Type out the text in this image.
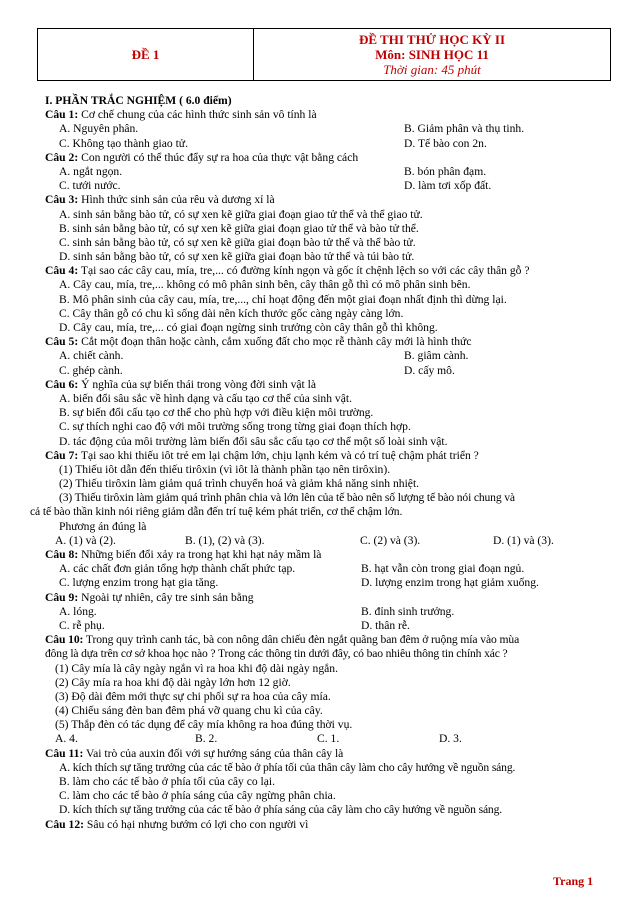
ĐỀ 1
ĐỀ THI THỬ HỌC KỲ II
Môn: SINH HỌC 11
Thời gian: 45 phút
I. PHẦN TRẮC NGHIỆM ( 6.0 điểm)
Câu 1: Cơ chế chung của các hình thức sinh sản vô tính là
A. Nguyên phân.	B. Giảm phân và thụ tinh.
C. Không tạo thành giao tử.	D. Tế bào con 2n.
Câu 2: Con người có thể thúc đẩy sự ra hoa của thực vật bằng cách
A. ngắt ngọn.	B. bón phân đạm.
C. tưới nước.	D. làm tơi xốp đất.
Câu 3: Hình thức sinh sản của rêu và dương xỉ là
A. sinh sản bằng bào tử, có sự xen kẽ giữa giai đoạn giao tử thể và thể giao tử.
B. sinh sản bằng bào tử, có sự xen kẽ giữa giai đoạn giao tử thể và bào tử thể.
C. sinh sản bằng bào tử, có sự xen kẽ giữa giai đoạn bào tử thể và thể bào tử.
D. sinh sản bằng bào tử, có sự xen kẽ giữa giai đoạn bào tử thể và túi bào tử.
Câu 4: Tại sao các cây cau, mía, tre,... có đường kính ngọn và gốc ít chệnh lệch so với các cây thân gỗ ?
A. Cây cau, mía, tre,... không có mô phân sinh bên, cây thân gỗ thì có mô phân sinh bên.
B. Mô phân sinh của cây cau, mía, tre,..., chỉ hoạt động đến một giai đoạn nhất định thì dừng lại.
C. Cây thân gỗ có chu kì sống dài nên kích thước gốc càng ngày càng lớn.
D. Cây cau, mía, tre,... có giai đoạn ngừng sinh trưởng còn cây thân gỗ thì không.
Câu 5: Cắt một đoạn thân hoặc cành, cắm xuống đất cho mọc rễ thành cây mới là hình thức
A. chiết cành.	B. giâm cành.
C. ghép cành.	D. cấy mô.
Câu 6: Ý nghĩa của sự biến thái trong vòng đời sinh vật là
A. biến đổi sâu sắc về hình dạng và cấu tạo cơ thể của sinh vật.
B. sự biến đổi cấu tạo cơ thể cho phù hợp với điều kiện môi trường.
C. sự thích nghi cao độ với môi trường sống trong từng giai đoạn thích hợp.
D. tác động của môi trường làm biến đổi sâu sắc cấu tạo cơ thể một số loài sinh vật.
Câu 7: Tại sao khi thiếu iôt trẻ em lại chậm lớn, chịu lạnh kém và có trí tuệ chậm phát triển ?
(1) Thiếu iôt dẫn đến thiếu tirôxin (vì iôt là thành phần tạo nên tirôxin).
(2) Thiếu tirôxin làm giảm quá trình chuyển hoá và giảm khả năng sinh nhiệt.
(3) Thiếu tirôxin làm giảm quá trình phân chia và lớn lên của tế bào nên số lượng tế bào nói chung và
cả tế bào thần kinh nói riêng giảm dẫn đến trí tuệ kém phát triển, cơ thể chậm lớn.
Phương án đúng là
A. (1) và (2).	B. (1), (2) và (3).	C. (2) và (3).	D. (1) và (3).
Câu 8: Những biến đổi xảy ra trong hạt khi hạt nảy mầm là
A. các chất đơn giản tổng hợp thành chất phức tạp.	B. hạt vẫn còn trong giai đoạn ngủ.
C. lượng enzim trong hạt gia tăng.	D. lượng enzim trong hạt giảm xuống.
Câu 9: Ngoài tự nhiên, cây tre sinh sản bằng
A. lóng.	B. đỉnh sinh trưởng.
C. rễ phụ.	D. thân rễ.
Câu 10: Trong quy trình canh tác, bà con nông dân chiếu đèn ngắt quãng ban đêm ở ruộng mía vào mùa
đông là dựa trên cơ sở khoa học nào ? Trong các thông tin dưới đây, có bao nhiêu thông tin chính xác ?
(1) Cây mía là cây ngày ngắn vì ra hoa khi độ dài ngày ngắn.
(2) Cây mía ra hoa khi độ dài ngày lớn hơn 12 giờ.
(3) Độ dài đêm mới thực sự chi phối sự ra hoa của cây mía.
(4) Chiếu sáng đèn ban đêm phá vỡ quang chu kì của cây.
(5) Thắp đèn có tác dụng để cây mía không ra hoa đúng thời vụ.
A. 4.	B. 2.	C. 1.	D. 3.
Câu 11: Vai trò của auxin đối với sự hướng sáng của thân cây là
A. kích thích sự tăng trưởng của các tế bào ở phía tối của thân cây làm cho cây hướng về nguồn sáng.
B. làm cho các tế bào ở phía tối của cây co lại.
C. làm cho các tế bào ở phía sáng của cây ngừng phân chia.
D. kích thích sự tăng trưởng của các tế bào ở phía sáng của cây làm cho cây hướng về nguồn sáng.
Câu 12: Sâu có hại nhưng bướm có lợi cho con người vì
Trang 1
